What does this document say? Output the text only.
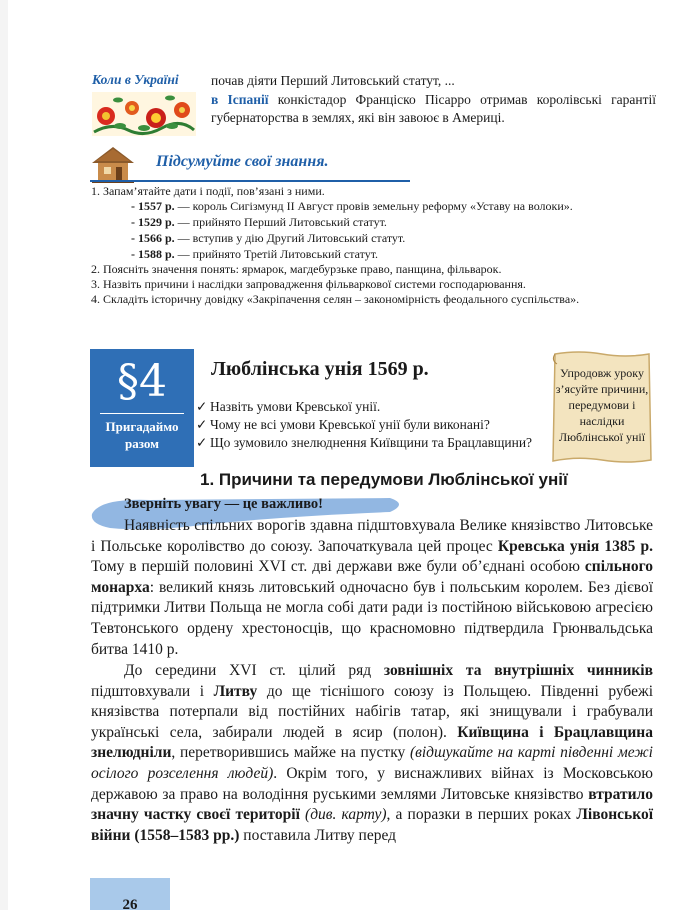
Коли в Україні почав діяти Перший Литовський статут, ...
в Іспанії конкістадор Франціско Пісарро отримав королівські гарантії губернаторства в землях, які він завоює в Америці.
Підсумуйте свої знання.
1. Запам’ятайте дати і події, пов’язані з ними.
- 1557 р. — король Сигізмунд ІІ Август провів земельну реформу «Уставу на волоки».
- 1529 р. — прийнято Перший Литовський статут.
- 1566 р. — вступив у дію Другий Литовський статут.
- 1588 р. — прийнято Третій Литовський статут.
2. Поясніть значення понять: ярмарок, магдебурзьке право, панщина, фільварок.
3. Назвіть причини і наслідки запровадження фільваркової системи господарювання.
4. Складіть історичну довідку «Закріпачення селян – закономірність феодального суспільства».
§4
Пригадаймо разом
Люблінська унія 1569 р.
✓ Назвіть умови Кревської унії.
✓ Чому не всі умови Кревської унії були виконані?
✓ Що зумовило знелюднення Київщини та Брацлавщини?
Упродовж уроку з’ясуйте причини, передумови і наслідки Люблінської унії
1. Причини та передумови Люблінської унії
Зверніть увагу — це важливо!

Наявність спільних ворогів здавна підштовхувала Велике князівство Литовське і Польське королівство до союзу. Започаткувала цей процес Кревська унія 1385 р. Тому в першій половині XVI ст. дві держави вже були об’єднані особою спільного монарха: великий князь литовський одночасно був і польським королем. Без дієвої підтримки Литви Польща не могла собі дати ради із постійною військовою агресією Тевтонського ордену хрестоносців, що красномовно підтвердила Грюнвальдська битва 1410 р.

До середини XVI ст. цілий ряд зовнішніх та внутрішніх чинників підштовхували і Литву до ще тіснішого союзу із Польщею. Південні рубежі князівства потерпали від постійних набігів татар, які знищували і грабували українські села, забирали людей в ясир (полон). Київщина і Брацлавщина знелюдніли, перетворившись майже на пустку (відшукайте на карті південні межі осілого розселення людей). Окрім того, у виснажливих війнах із Московською державою за право на володіння руськими землями Литовське князівство втратило значну частку своєї території (див. карту), а поразки в перших роках Лівонської війни (1558–1583 рр.) поставила Литву перед

26
